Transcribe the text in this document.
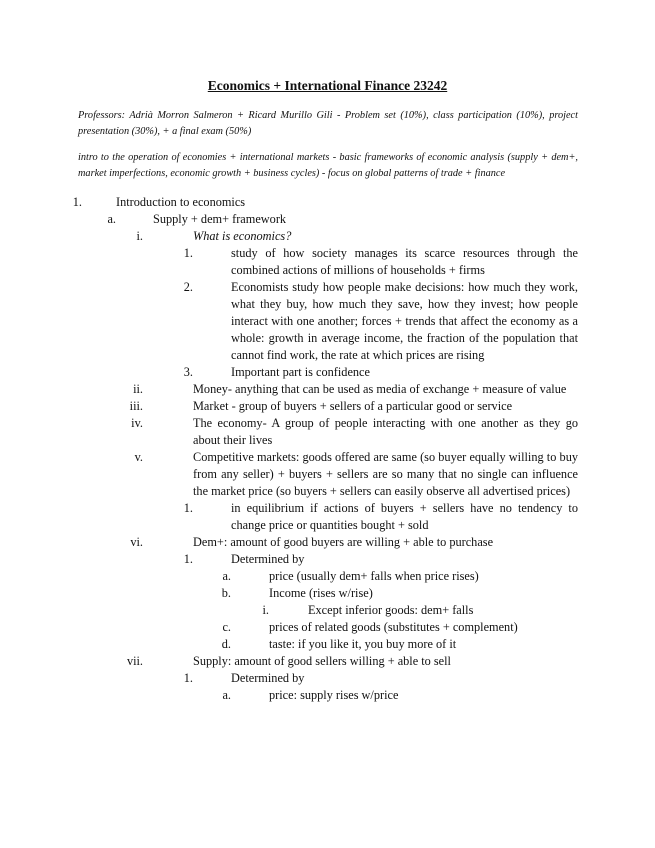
Economics + International Finance 23242
Professors: Adrià Morron Salmeron + Ricard Murillo Gili - Problem set (10%), class participation (10%), project presentation (30%), + a final exam (50%)
intro to the operation of economies + international markets - basic frameworks of economic analysis (supply + dem+, market imperfections, economic growth + business cycles) - focus on global patterns of trade + finance
1.	Introduction to economics
a.	Supply + dem+ framework
i.	What is economics?
1.	study of how society manages its scarce resources through the combined actions of millions of households + firms
2.	Economists study how people make decisions: how much they work, what they buy, how much they save, how they invest; how people interact with one another; forces + trends that affect the economy as a whole: growth in average income, the fraction of the population that cannot find work, the rate at which prices are rising
3.	Important part is confidence
ii.	Money- anything that can be used as media of exchange + measure of value
iii.	Market - group of buyers + sellers of a particular good or service
iv.	The economy- A group of people interacting with one another as they go about their lives
v.	Competitive markets: goods offered are same (so buyer equally willing to buy from any seller) + buyers + sellers are so many that no single can influence the market price (so buyers + sellers can easily observe all advertised prices)
1.	in equilibrium if actions of buyers + sellers have no tendency to change price or quantities bought + sold
vi.	Dem+: amount of good buyers are willing + able to purchase
1.	Determined by
a.	price (usually dem+ falls when price rises)
b.	Income (rises w/rise)
i.	Except inferior goods: dem+ falls
c.	prices of related goods (substitutes + complement)
d.	taste: if you like it, you buy more of it
vii.	Supply: amount of good sellers willing + able to sell
1.	Determined by
a.	price: supply rises w/price
